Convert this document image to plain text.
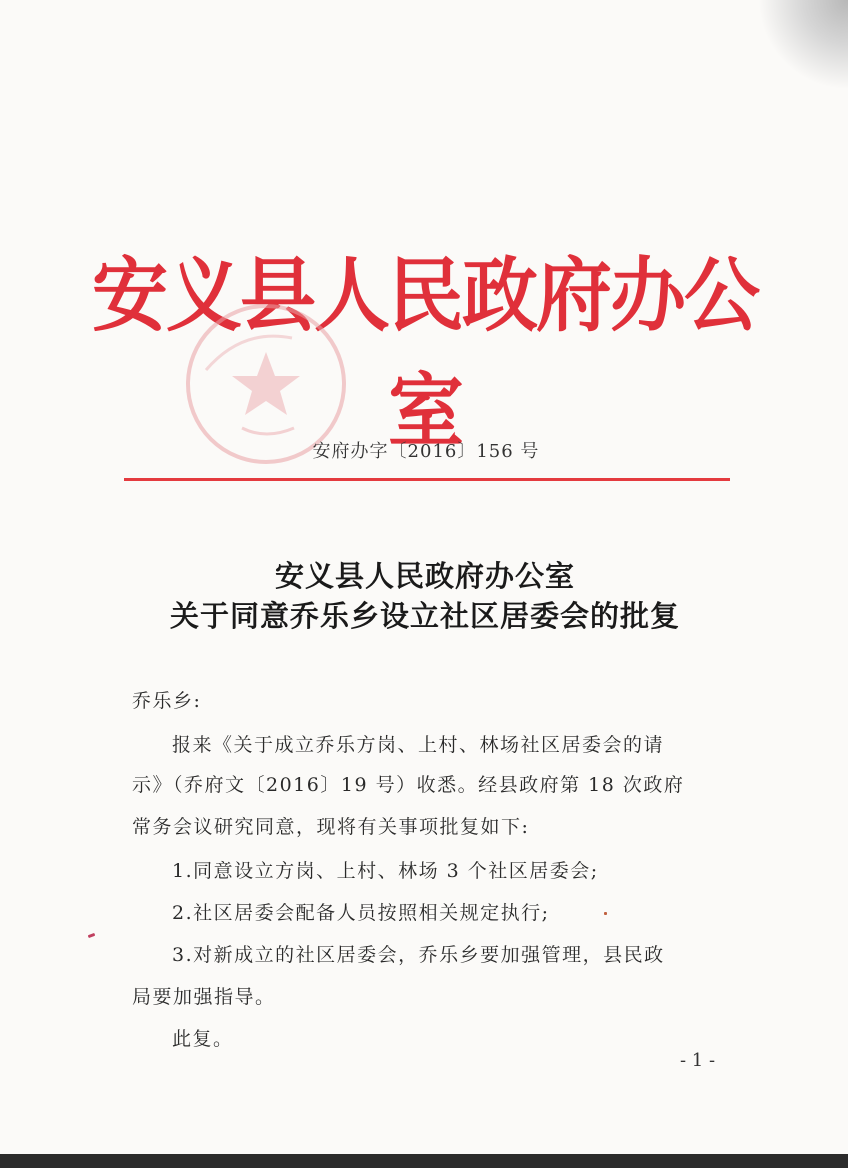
安义县人民政府办公室
安府办字〔2016〕156 号
安义县人民政府办公室
关于同意乔乐乡设立社区居委会的批复
乔乐乡:
报来《关于成立乔乐方岗、上村、林场社区居委会的请
示》（乔府文〔2016〕19 号）收悉。经县政府第 18 次政府
常务会议研究同意，现将有关事项批复如下:
1.同意设立方岗、上村、林场 3 个社区居委会;
2.社区居委会配备人员按照相关规定执行;
3.对新成立的社区居委会，乔乐乡要加强管理，县民政
局要加强指导。
此复。
- 1 -
